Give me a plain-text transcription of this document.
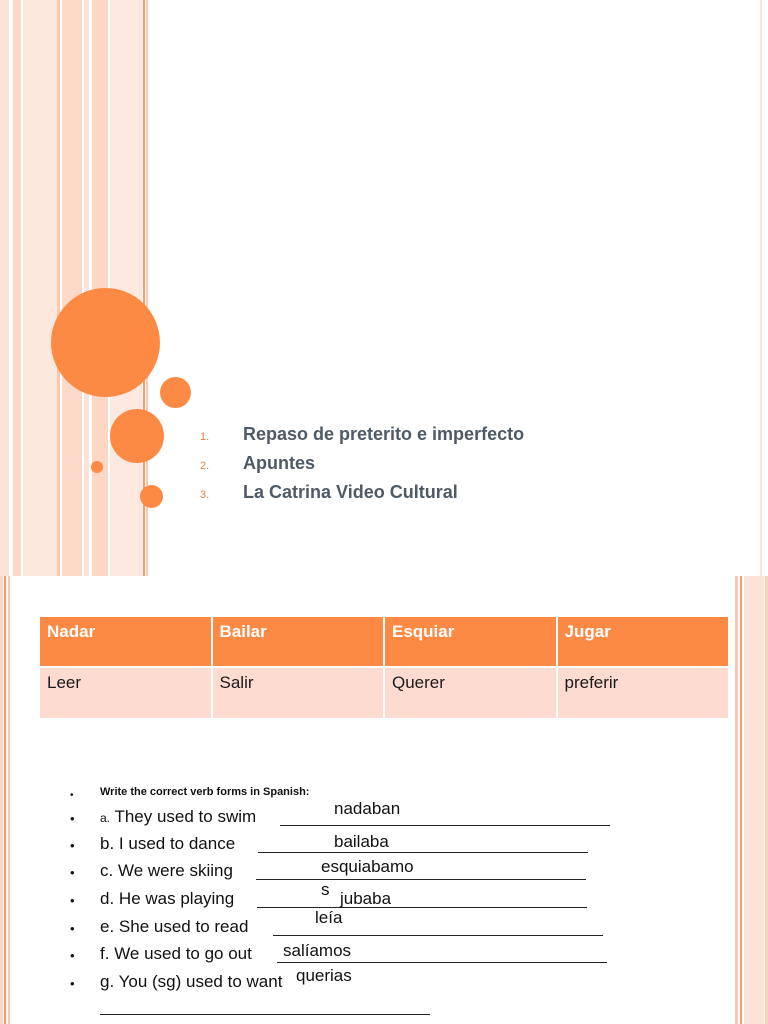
1.	Repaso de preterito e imperfecto
2.	Apuntes
3.	La Catrina Video Cultural
Nadar	Bailar	Esquiar	Jugar
Leer	Salir	Querer	preferir
• Write the correct verb forms in Spanish:
• a. They used to swim	nadaban
• b. I used to dance	bailaba
• c. We were skiing	esquiabamo
• d. He was playing	s jubaba
• e. She used to read	leía
• f. We used to go out salíamos
• g. You (sg) used to want querias
